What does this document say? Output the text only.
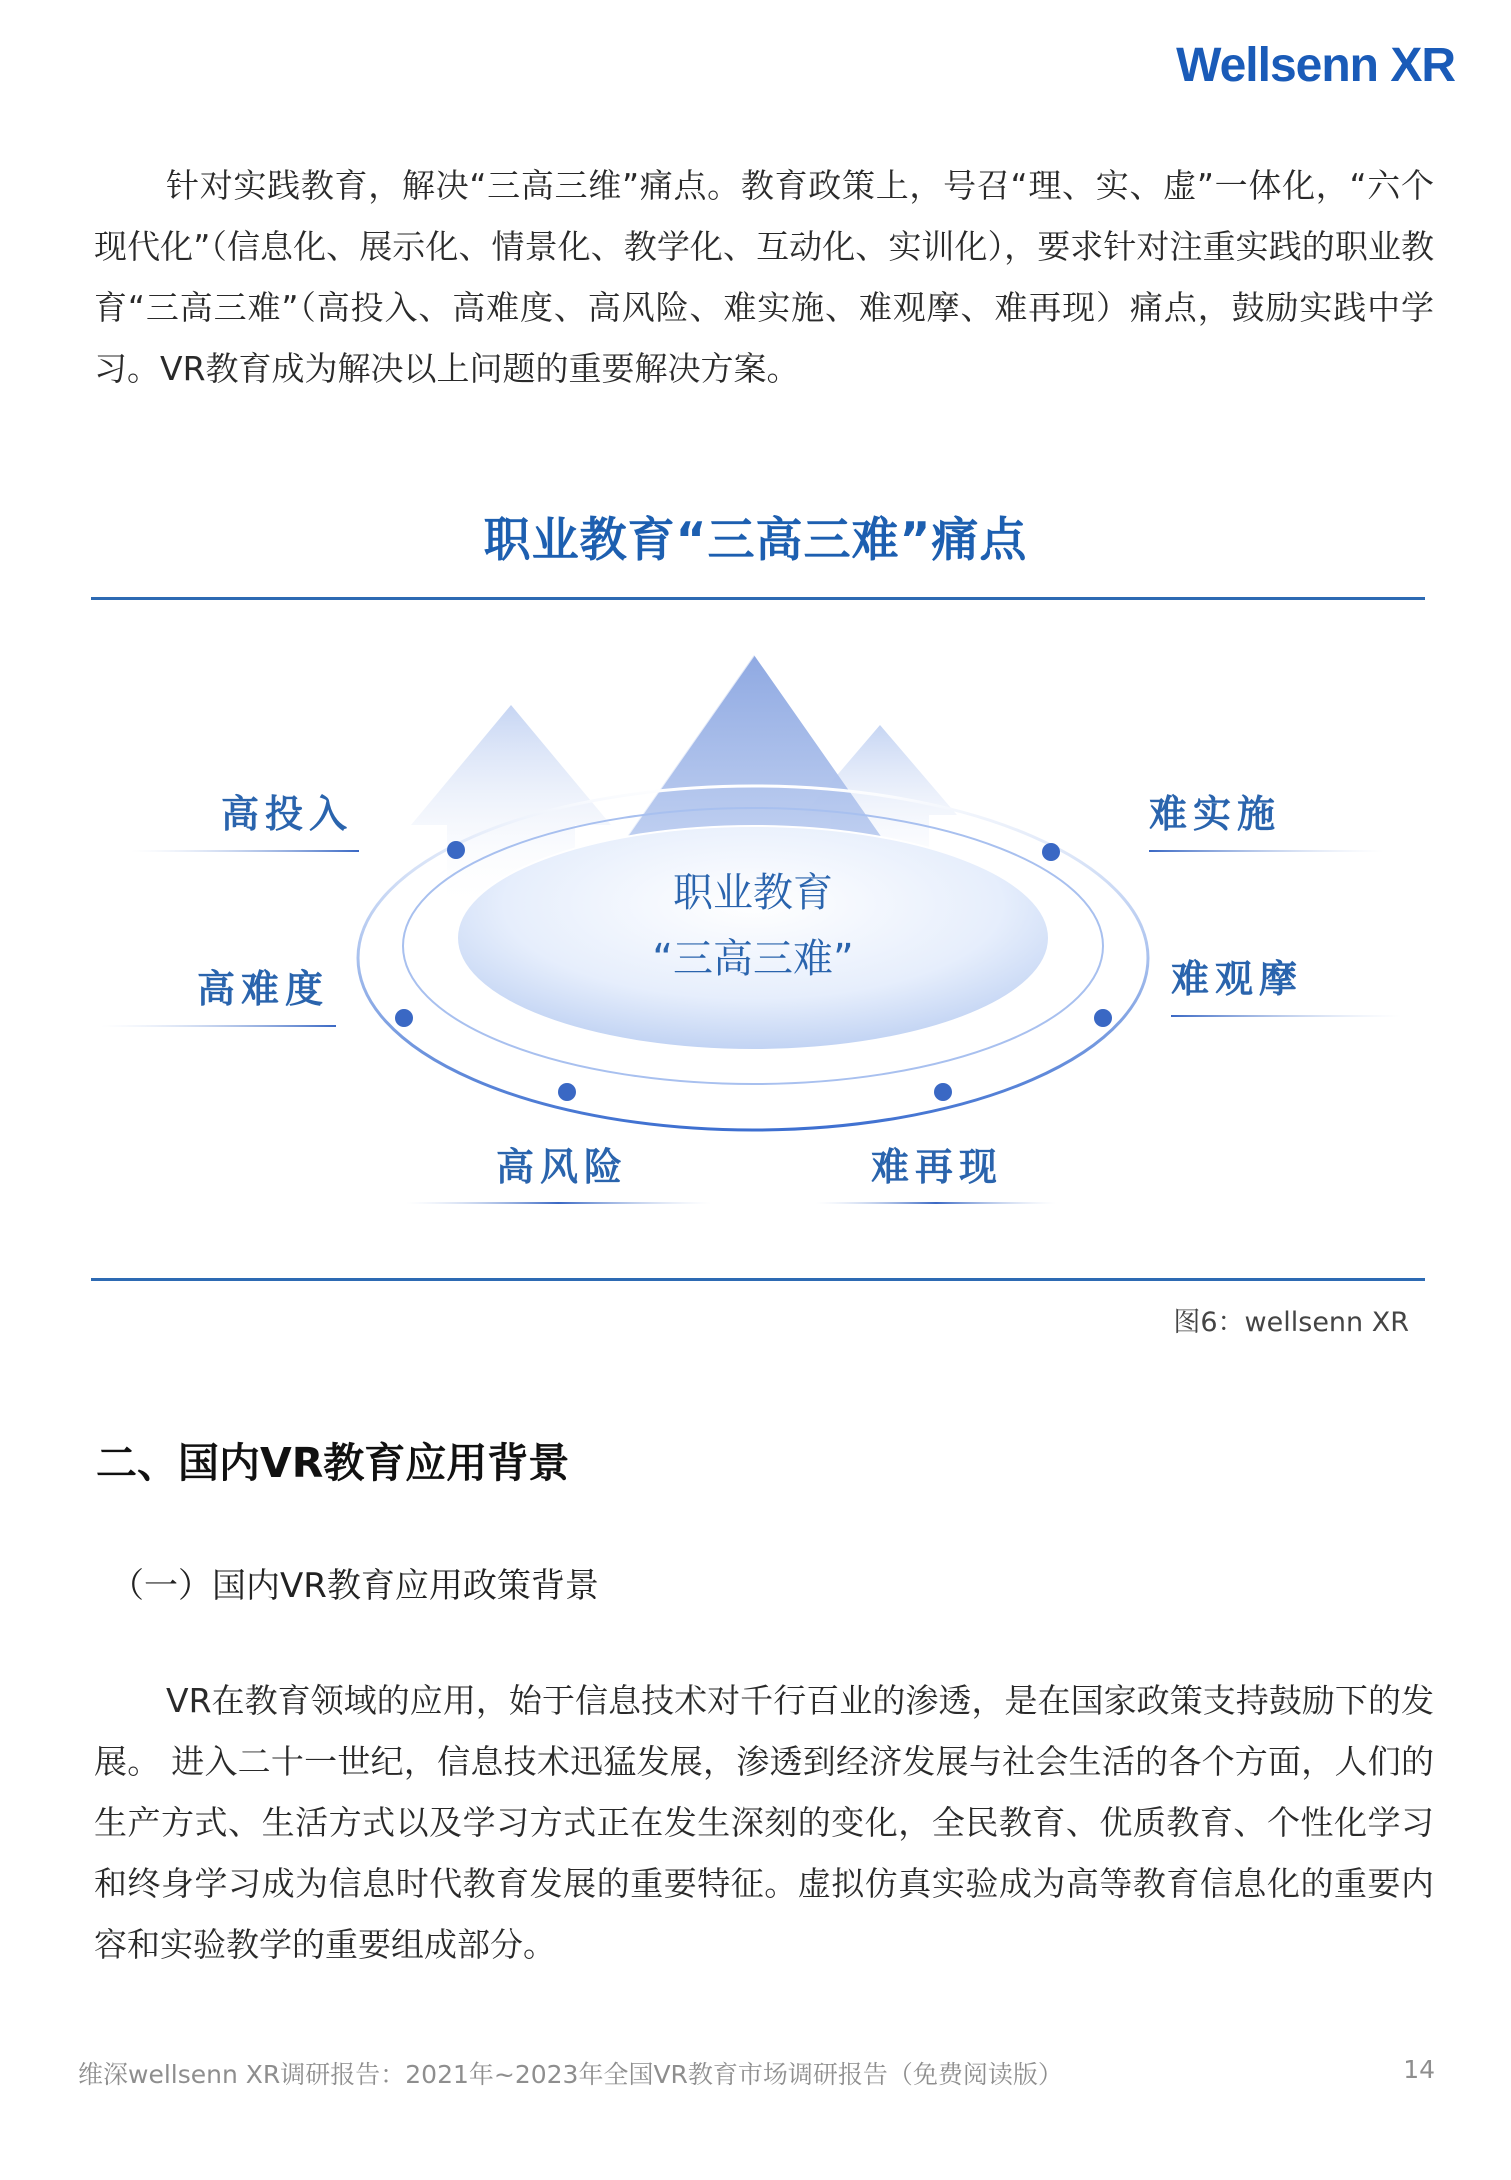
Wellsenn XR

针对实践教育，解决“三高三维”痛点。教育政策上，号召“理、实、虚”一体化，“六个现代化”（信息化、展示化、情景化、教学化、互动化、实训化），要求针对注重实践的职业教育“三高三难”（高投入、高难度、高风险、难实施、难观摩、难再现）痛点，鼓励实践中学习。VR教育成为解决以上问题的重要解决方案。

职业教育“三高三难”痛点
高投入
高难度
高风险	难再现
难观摩
难实施
职业教育
“三高三难”
图6：wellsenn XR
二、国内VR教育应用背景
（一）国内VR教育应用政策背景

VR在教育领域的应用，始于信息技术对千行百业的渗透，是在国家政策支持鼓励下的发展。 进入二十一世纪，信息技术迅猛发展，渗透到经济发展与社会生活的各个方面，人们的生产方式、生活方式以及学习方式正在发生深刻的变化，全民教育、优质教育、个性化学习和终身学习成为信息时代教育发展的重要特征。虚拟仿真实验成为高等教育信息化的重要内容和实验教学的重要组成部分。

维深wellsenn XR调研报告：2021年~2023年全国VR教育市场调研报告（免费阅读版）	14
